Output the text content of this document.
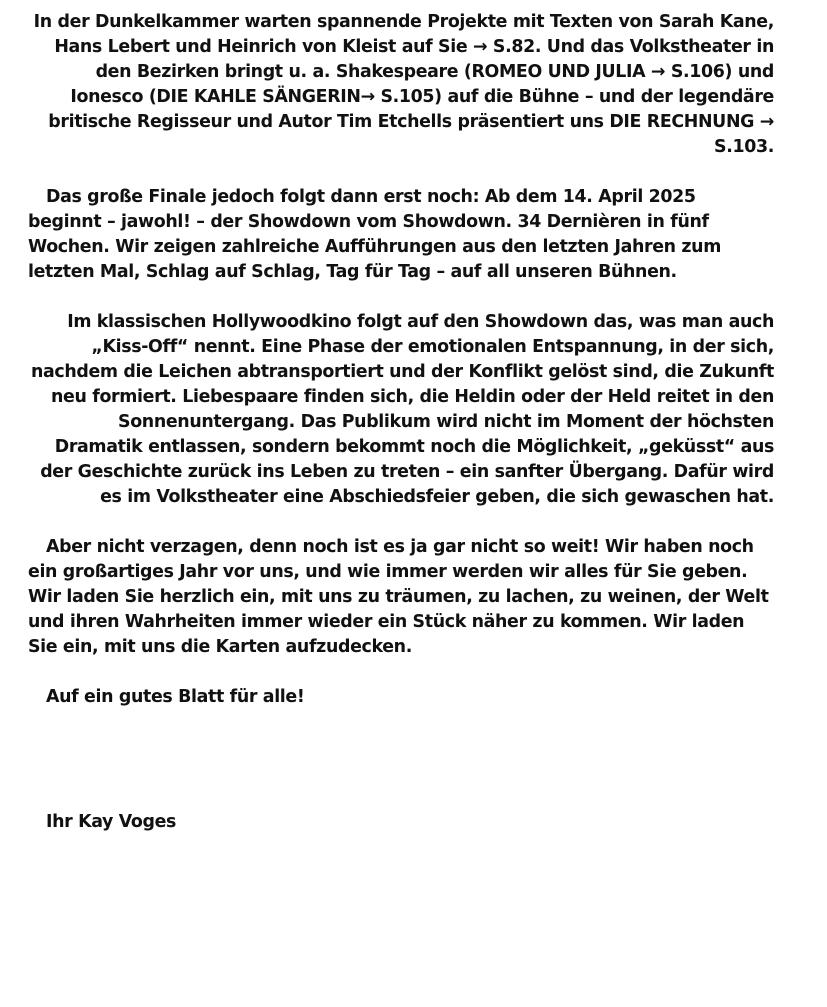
In der Dunkelkammer warten spannende Projekte mit Texten von Sarah Kane, Hans Lebert und Heinrich von Kleist auf Sie → S.82. Und das Volkstheater in den Bezirken bringt u. a. Shakespeare (ROMEO UND JULIA → S.106) und Ionesco (DIE KAHLE SÄNGERIN→ S.105) auf die Bühne – und der legendäre britische Regisseur und Autor Tim Etchells präsentiert uns DIE RECHNUNG → S.103.

Das große Finale jedoch folgt dann erst noch: Ab dem 14. April 2025 beginnt – jawohl! – der Showdown vom Showdown. 34 Dernièren in fünf Wochen. Wir zeigen zahlreiche Aufführungen aus den letzten Jahren zum letzten Mal, Schlag auf Schlag, Tag für Tag – auf all unseren Bühnen.

Im klassischen Hollywoodkino folgt auf den Showdown das, was man auch „Kiss-Off“ nennt. Eine Phase der emotionalen Entspannung, in der sich, nachdem die Leichen abtransportiert und der Konflikt gelöst sind, die Zukunft neu formiert. Liebespaare finden sich, die Heldin oder der Held reitet in den Sonnenuntergang. Das Publikum wird nicht im Moment der höchsten Dramatik entlassen, sondern bekommt noch die Möglichkeit, „geküsst“ aus der Geschichte zurück ins Leben zu treten – ein sanfter Übergang. Dafür wird es im Volkstheater eine Abschiedsfeier geben, die sich gewaschen hat.

Aber nicht verzagen, denn noch ist es ja gar nicht so weit! Wir haben noch ein großartiges Jahr vor uns, und wie immer werden wir alles für Sie geben. Wir laden Sie herzlich ein, mit uns zu träumen, zu lachen, zu weinen, der Welt und ihren Wahrheiten immer wieder ein Stück näher zu kommen. Wir laden Sie ein, mit uns die Karten aufzudecken.

Auf ein gutes Blatt für alle!

Ihr Kay Voges
